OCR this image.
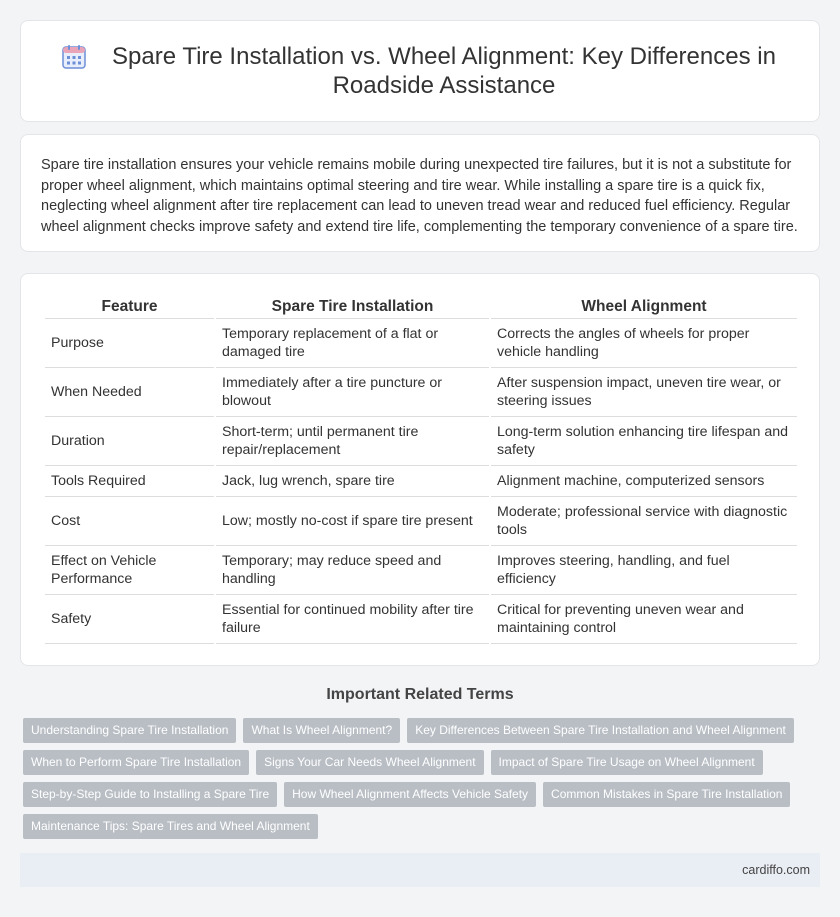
Spare Tire Installation vs. Wheel Alignment: Key Differences in Roadside Assistance

Spare tire installation ensures your vehicle remains mobile during unexpected tire failures, but it is not a substitute for proper wheel alignment, which maintains optimal steering and tire wear. While installing a spare tire is a quick fix, neglecting wheel alignment after tire replacement can lead to uneven tread wear and reduced fuel efficiency. Regular wheel alignment checks improve safety and extend tire life, complementing the temporary convenience of a spare tire.

Feature	Spare Tire Installation	Wheel Alignment
Purpose	Temporary replacement of a flat or damaged tire	Corrects the angles of wheels for proper vehicle handling
When Needed	Immediately after a tire puncture or blowout	After suspension impact, uneven tire wear, or steering issues
Duration	Short-term; until permanent tire repair/replacement	Long-term solution enhancing tire lifespan and safety
Tools Required	Jack, lug wrench, spare tire	Alignment machine, computerized sensors
Cost	Low; mostly no-cost if spare tire present	Moderate; professional service with diagnostic tools
Effect on Vehicle Performance	Temporary; may reduce speed and handling	Improves steering, handling, and fuel efficiency
Safety	Essential for continued mobility after tire failure	Critical for preventing uneven wear and maintaining control
Important Related Terms
Understanding Spare Tire Installation	What Is Wheel Alignment?	Key Differences Between Spare Tire Installation and Wheel Alignment
When to Perform Spare Tire Installation	Signs Your Car Needs Wheel Alignment	Impact of Spare Tire Usage on Wheel Alignment
Step-by-Step Guide to Installing a Spare Tire	How Wheel Alignment Affects Vehicle Safety	Common Mistakes in Spare Tire Installation
Maintenance Tips: Spare Tires and Wheel Alignment
cardiffo.com
